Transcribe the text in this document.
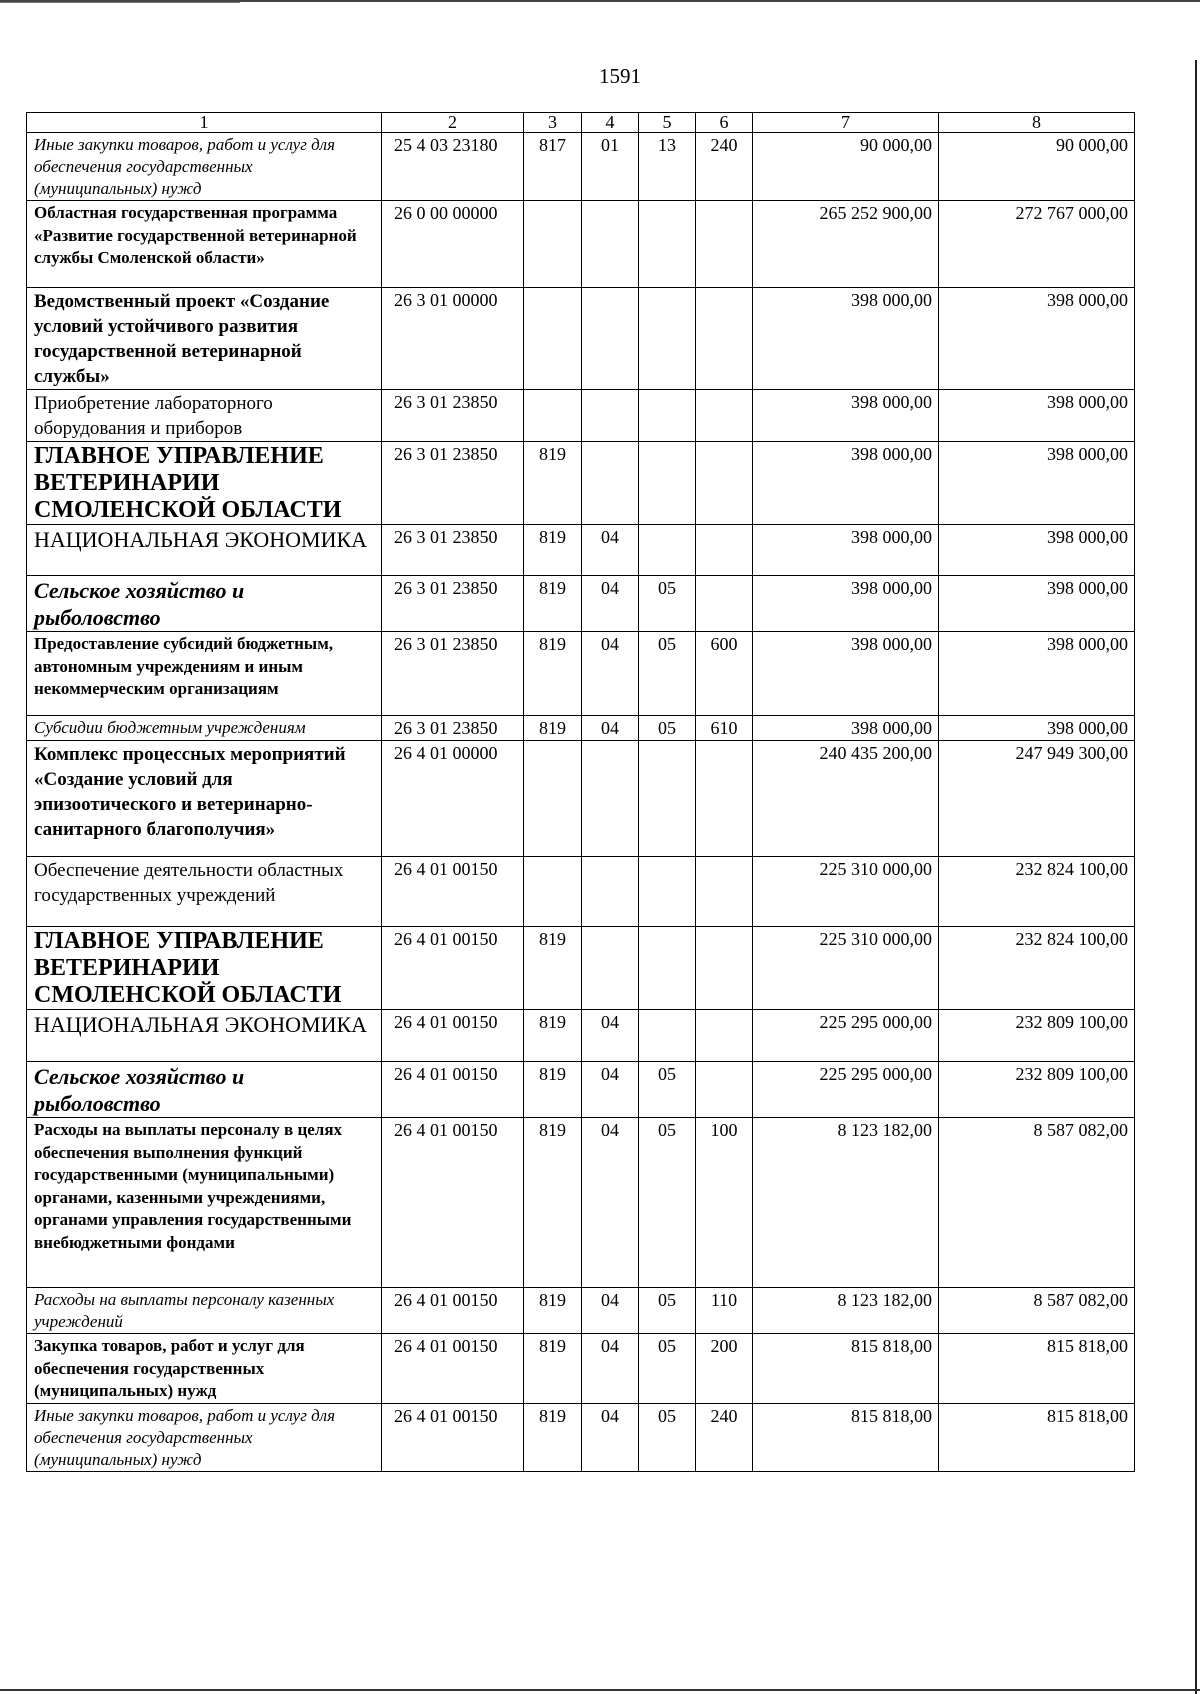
1591
1	2	3	4	5	6	7	8
Иные закупки товаров, работ и услуг для обеспечения государственных (муниципальных) нужд	25 4 03 23180	817	01	13	240	90 000,00	90 000,00
Областная государственная программа «Развитие государственной ветеринарной службы Смоленской области»	26 0 00 00000					265 252 900,00	272 767 000,00
Ведомственный проект «Создание условий устойчивого развития государственной ветеринарной службы»	26 3 01 00000					398 000,00	398 000,00
Приобретение лабораторного оборудования и приборов	26 3 01 23850					398 000,00	398 000,00
ГЛАВНОЕ УПРАВЛЕНИЕ ВЕТЕРИНАРИИ СМОЛЕНСКОЙ ОБЛАСТИ	26 3 01 23850	819				398 000,00	398 000,00
НАЦИОНАЛЬНАЯ ЭКОНОМИКА	26 3 01 23850	819	04			398 000,00	398 000,00
Сельское хозяйство и рыболовство	26 3 01 23850	819	04	05		398 000,00	398 000,00
Предоставление субсидий бюджетным, автономным учреждениям и иным некоммерческим организациям	26 3 01 23850	819	04	05	600	398 000,00	398 000,00
Субсидии бюджетным учреждениям	26 3 01 23850	819	04	05	610	398 000,00	398 000,00
Комплекс процессных мероприятий «Создание условий для эпизоотического и ветеринарно-санитарного благополучия»	26 4 01 00000					240 435 200,00	247 949 300,00
Обеспечение деятельности областных государственных учреждений	26 4 01 00150					225 310 000,00	232 824 100,00
ГЛАВНОЕ УПРАВЛЕНИЕ ВЕТЕРИНАРИИ СМОЛЕНСКОЙ ОБЛАСТИ	26 4 01 00150	819				225 310 000,00	232 824 100,00
НАЦИОНАЛЬНАЯ ЭКОНОМИКА	26 4 01 00150	819	04			225 295 000,00	232 809 100,00
Сельское хозяйство и рыболовство	26 4 01 00150	819	04	05		225 295 000,00	232 809 100,00
Расходы на выплаты персоналу в целях обеспечения выполнения функций государственными (муниципальными) органами, казенными учреждениями, органами управления государственными внебюджетными фондами	26 4 01 00150	819	04	05	100	8 123 182,00	8 587 082,00
Расходы на выплаты персоналу казенных учреждений	26 4 01 00150	819	04	05	110	8 123 182,00	8 587 082,00
Закупка товаров, работ и услуг для обеспечения государственных (муниципальных) нужд	26 4 01 00150	819	04	05	200	815 818,00	815 818,00
Иные закупки товаров, работ и услуг для обеспечения государственных (муниципальных) нужд	26 4 01 00150	819	04	05	240	815 818,00	815 818,00
